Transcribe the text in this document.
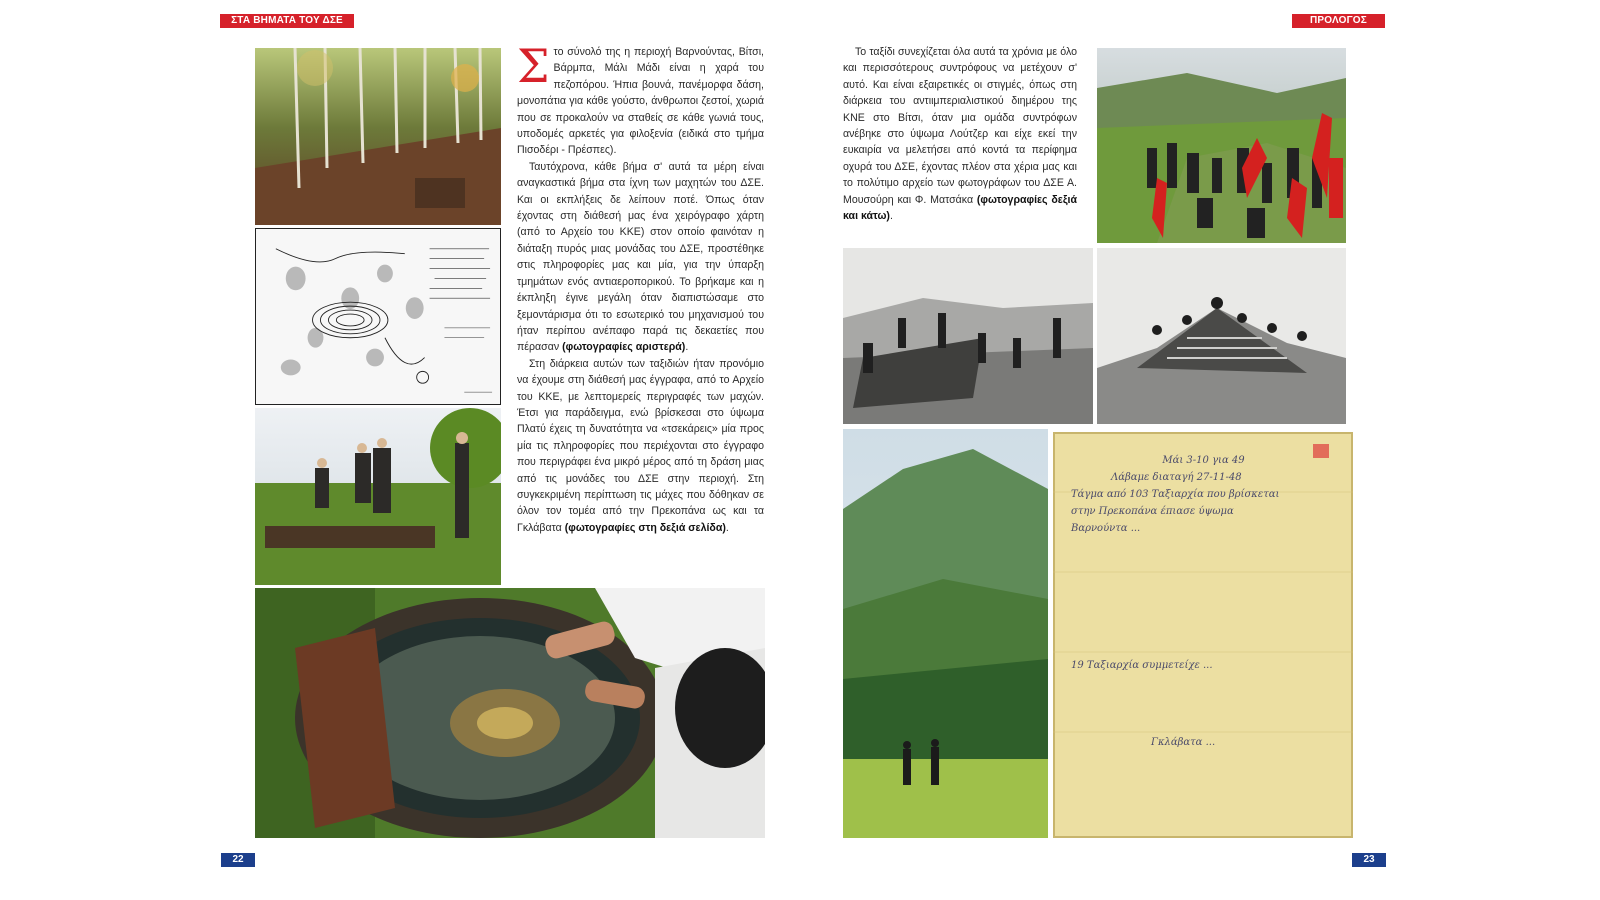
ΣΤΑ ΒΗΜΑΤΑ ΤΟΥ ΔΣΕ

Στο σύνολό της η περιοχή Βαρνούντας, Βίτσι, Βάρμπα, Μάλι Μάδι είναι η χαρά του πεζοπόρου. Ήπια βουνά, πανέμορφα δάση, μονοπάτια για κάθε γούστο, άνθρωποι ζεστοί, χωριά που σε προκαλούν να σταθείς σε κάθε γωνιά τους, υποδομές αρκετές για φιλοξενία (ειδικά στο τμήμα Πισοδέρι - Πρέσπες).

Ταυτόχρονα, κάθε βήμα σ' αυτά τα μέρη είναι αναγκαστικά βήμα στα ίχνη των μαχητών του ΔΣΕ. Και οι εκπλήξεις δε λείπουν ποτέ. Όπως όταν έχοντας στη διάθεσή μας ένα χειρόγραφο χάρτη (από το Αρχείο του ΚΚΕ) στον οποίο φαινόταν η διάταξη πυρός μιας μονάδας του ΔΣΕ, προστέθηκε στις πληροφορίες μας και μία, για την ύπαρξη τμημάτων ενός αντιαεροπορικού. Το βρήκαμε και η έκπληξη έγινε μεγάλη όταν διαπιστώσαμε στο ξεμοντάρισμα ότι το εσωτερικό του μηχανισμού του ήταν περίπου ανέπαφο παρά τις δεκαετίες που πέρασαν (φωτογραφίες αριστερά).

Στη διάρκεια αυτών των ταξιδιών ήταν προνόμιο να έχουμε στη διάθεσή μας έγγραφα, από το Αρχείο του ΚΚΕ, με λεπτομερείς περιγραφές των μαχών. Έτσι για παράδειγμα, ενώ βρίσκεσαι στο ύψωμα Πλατύ έχεις τη δυνατότητα να «τσεκάρεις» μία προς μία τις πληροφορίες που περιέχονται στο έγγραφο που περιγράφει ένα μικρό μέρος από τη δράση μιας από τις μονάδες του ΔΣΕ στην περιοχή. Στη συγκεκριμένη περίπτωση τις μάχες που δόθηκαν σε όλον τον τομέα από την Πρεκοπάνα ως και τα Γκλάβατα (φωτογραφίες στη δεξιά σελίδα).

22
ΠΡΟΛΟΓΟΣ

Το ταξίδι συνεχίζεται όλα αυτά τα χρόνια με όλο και περισσότερους συντρόφους να μετέχουν σ' αυτό. Και είναι εξαιρετικές οι στιγμές, όπως στη διάρκεια του αντιιμπεριαλιστικού διημέρου της ΚΝΕ στο Βίτσι, όταν μια ομάδα συντρόφων ανέβηκε στο ύψωμα Λούτζερ και είχε εκεί την ευκαιρία να μελετήσει από κοντά τα περίφημα οχυρά του ΔΣΕ, έχοντας πλέον στα χέρια μας και το πολύτιμο αρχείο των φωτογράφων του ΔΣΕ Α. Μουσούρη και Φ. Ματσάκα (φωτογραφίες δεξιά και κάτω).

Μάι 3-10 για 49
Λάβαμε διαταγή 27-11-48
Τάγμα από 103 Ταξιαρχία που βρίσκεται
στην Πρεκοπάνα έπιασε ύψωμα
Βαρνούντα ...
19 Ταξιαρχία συμμετείχε ...
Γκλάβατα ...
23
